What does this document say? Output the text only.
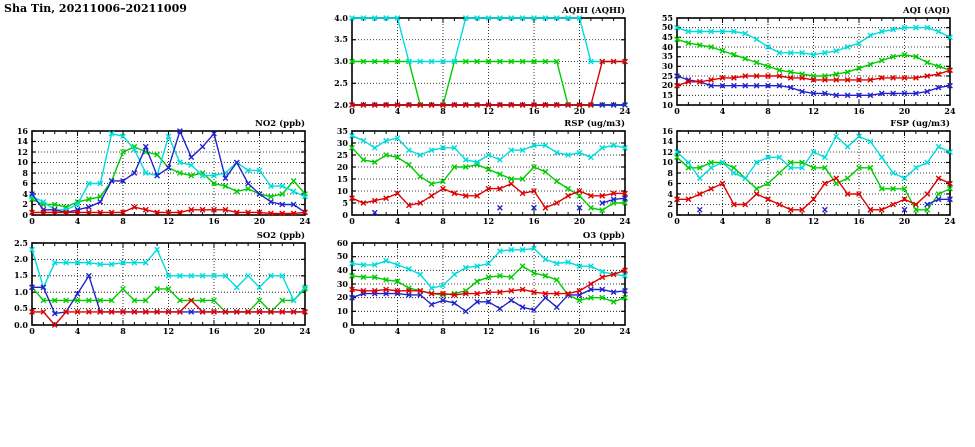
Sha Tin, 20211006–20211009	AQHI (AQHI)
2.0
2.5
3.0
3.5
4.0
0	4	8	12	16	20	24
AQI (AQI)
10
15
20
25
30
35
40
45
50
55
0	4	8	12	16	20	24
NO2 (ppb)
0
2
4
6
8
10
12
14
16
0	4	8	12	16	20	24
RSP (ug/m3)
0
5
10
15
20
25
30
35
0	4	8	12	16	20	24
FSP (ug/m3)
0
2
4
6
8
10
12
14
16
0	4	8	12	16	20	24
SO2 (ppb)
0.0
0.5
1.0
1.5
2.0
2.5
0	4	8	12	16	20	24
O3 (ppb)
0
10
20
30
40
50
60
0	4	8	12	16	20	24
